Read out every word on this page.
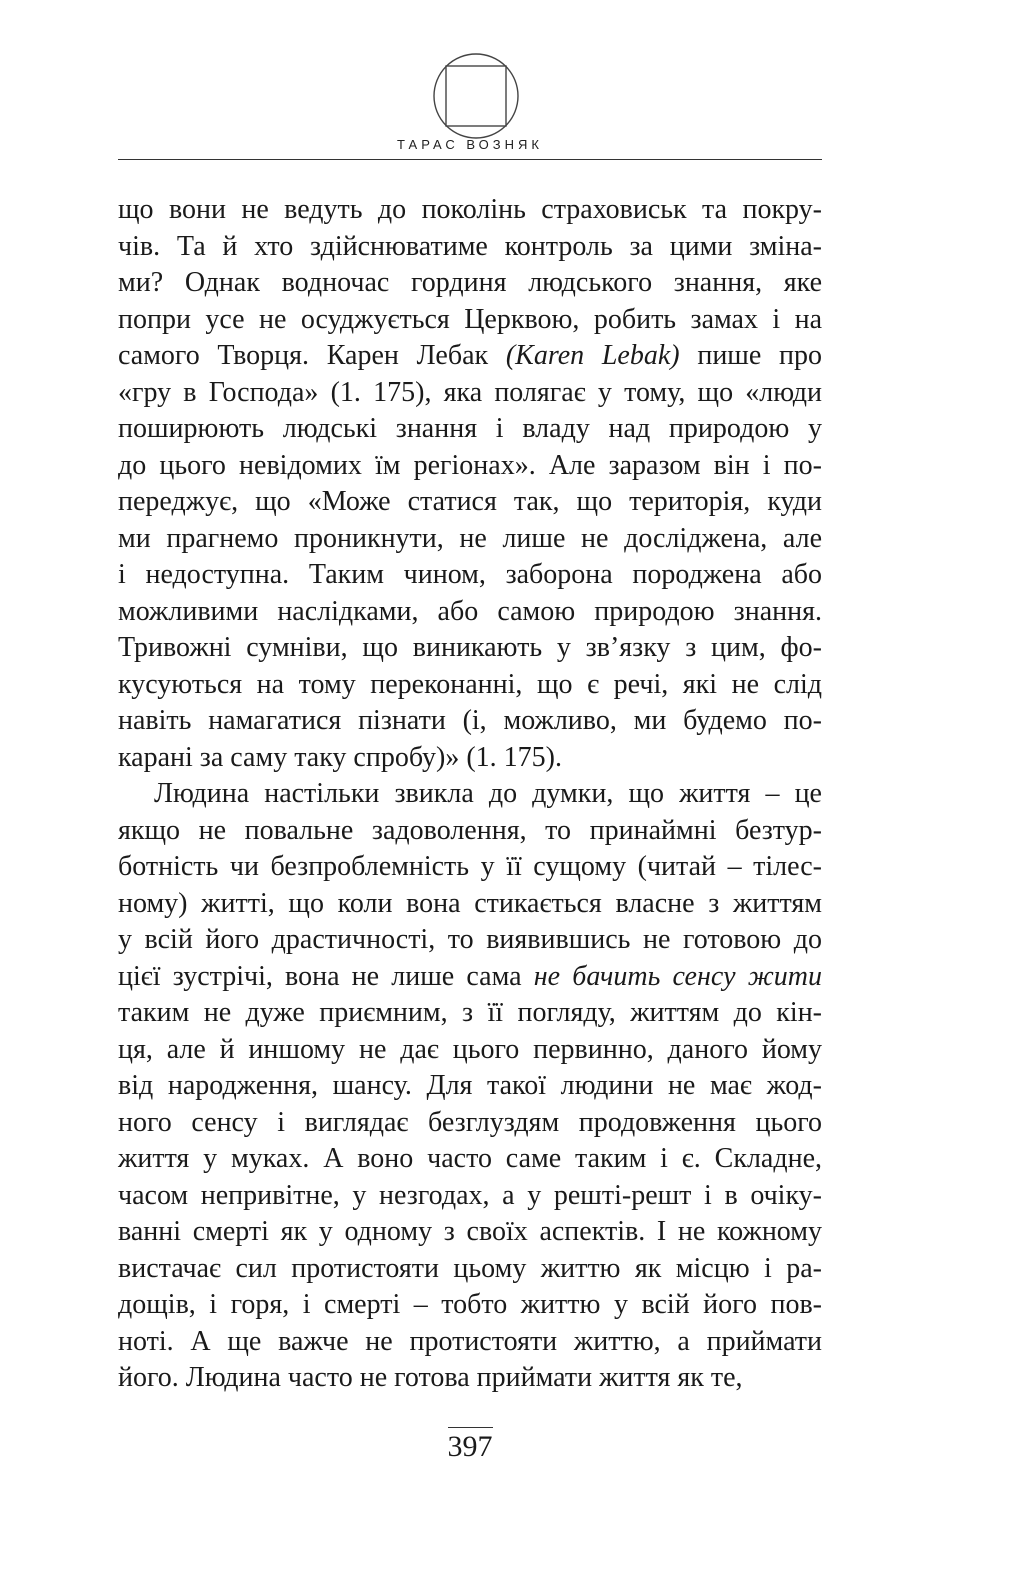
ТАРАС ВОЗНЯК
що вони не ведуть до поколінь страховиськ та покру-
чів. Та й хто здійснюватиме контроль за цими зміна-
ми? Однак водночас гординя людського знання, яке
попри усе не осуджується Церквою, робить замах і на
самого Творця. Карен Лебак (Karen Lebak) пише про
«гру в Господа» (1. 175), яка полягає у тому, що «люди
поширюють людські знання і владу над природою у
до цього невідомих їм регіонах». Але заразом він і по-
переджує, що «Може статися так, що територія, куди
ми прагнемо проникнути, не лише не досліджена, але
і недоступна. Таким чином, заборона породжена або
можливими наслідками, або самою природою знання.
Тривожні сумніви, що виникають у зв’язку з цим, фо-
кусуються на тому переконанні, що є речі, які не слід
навіть намагатися пізнати (і, можливо, ми будемо по-
карані за саму таку спробу)» (1. 175).
Людина настільки звикла до думки, що життя – це
якщо не повальне задоволення, то принаймні безтур-
ботність чи безпроблемність у її сущому (читай – тілес-
ному) житті, що коли вона стикається власне з життям
у всій його драстичності, то виявившись не готовою до
цієї зустрічі, вона не лише сама не бачить сенсу жити
таким не дуже приємним, з її погляду, життям до кін-
ця, але й иншому не дає цього первинно, даного йому
від народження, шансу. Для такої людини не має жод-
ного сенсу і виглядає безглуздям продовження цього
життя у муках. А воно часто саме таким і є. Складне,
часом непривітне, у незгодах, а у решті-решт і в очіку-
ванні смерті як у одному з своїх аспектів. І не кожному
вистачає сил протистояти цьому життю як місцю і ра-
дощів, і горя, і смерті – тобто життю у всій його пов-
ноті. А ще важче не протистояти життю, а приймати
його. Людина часто не готова приймати життя як те,
397
